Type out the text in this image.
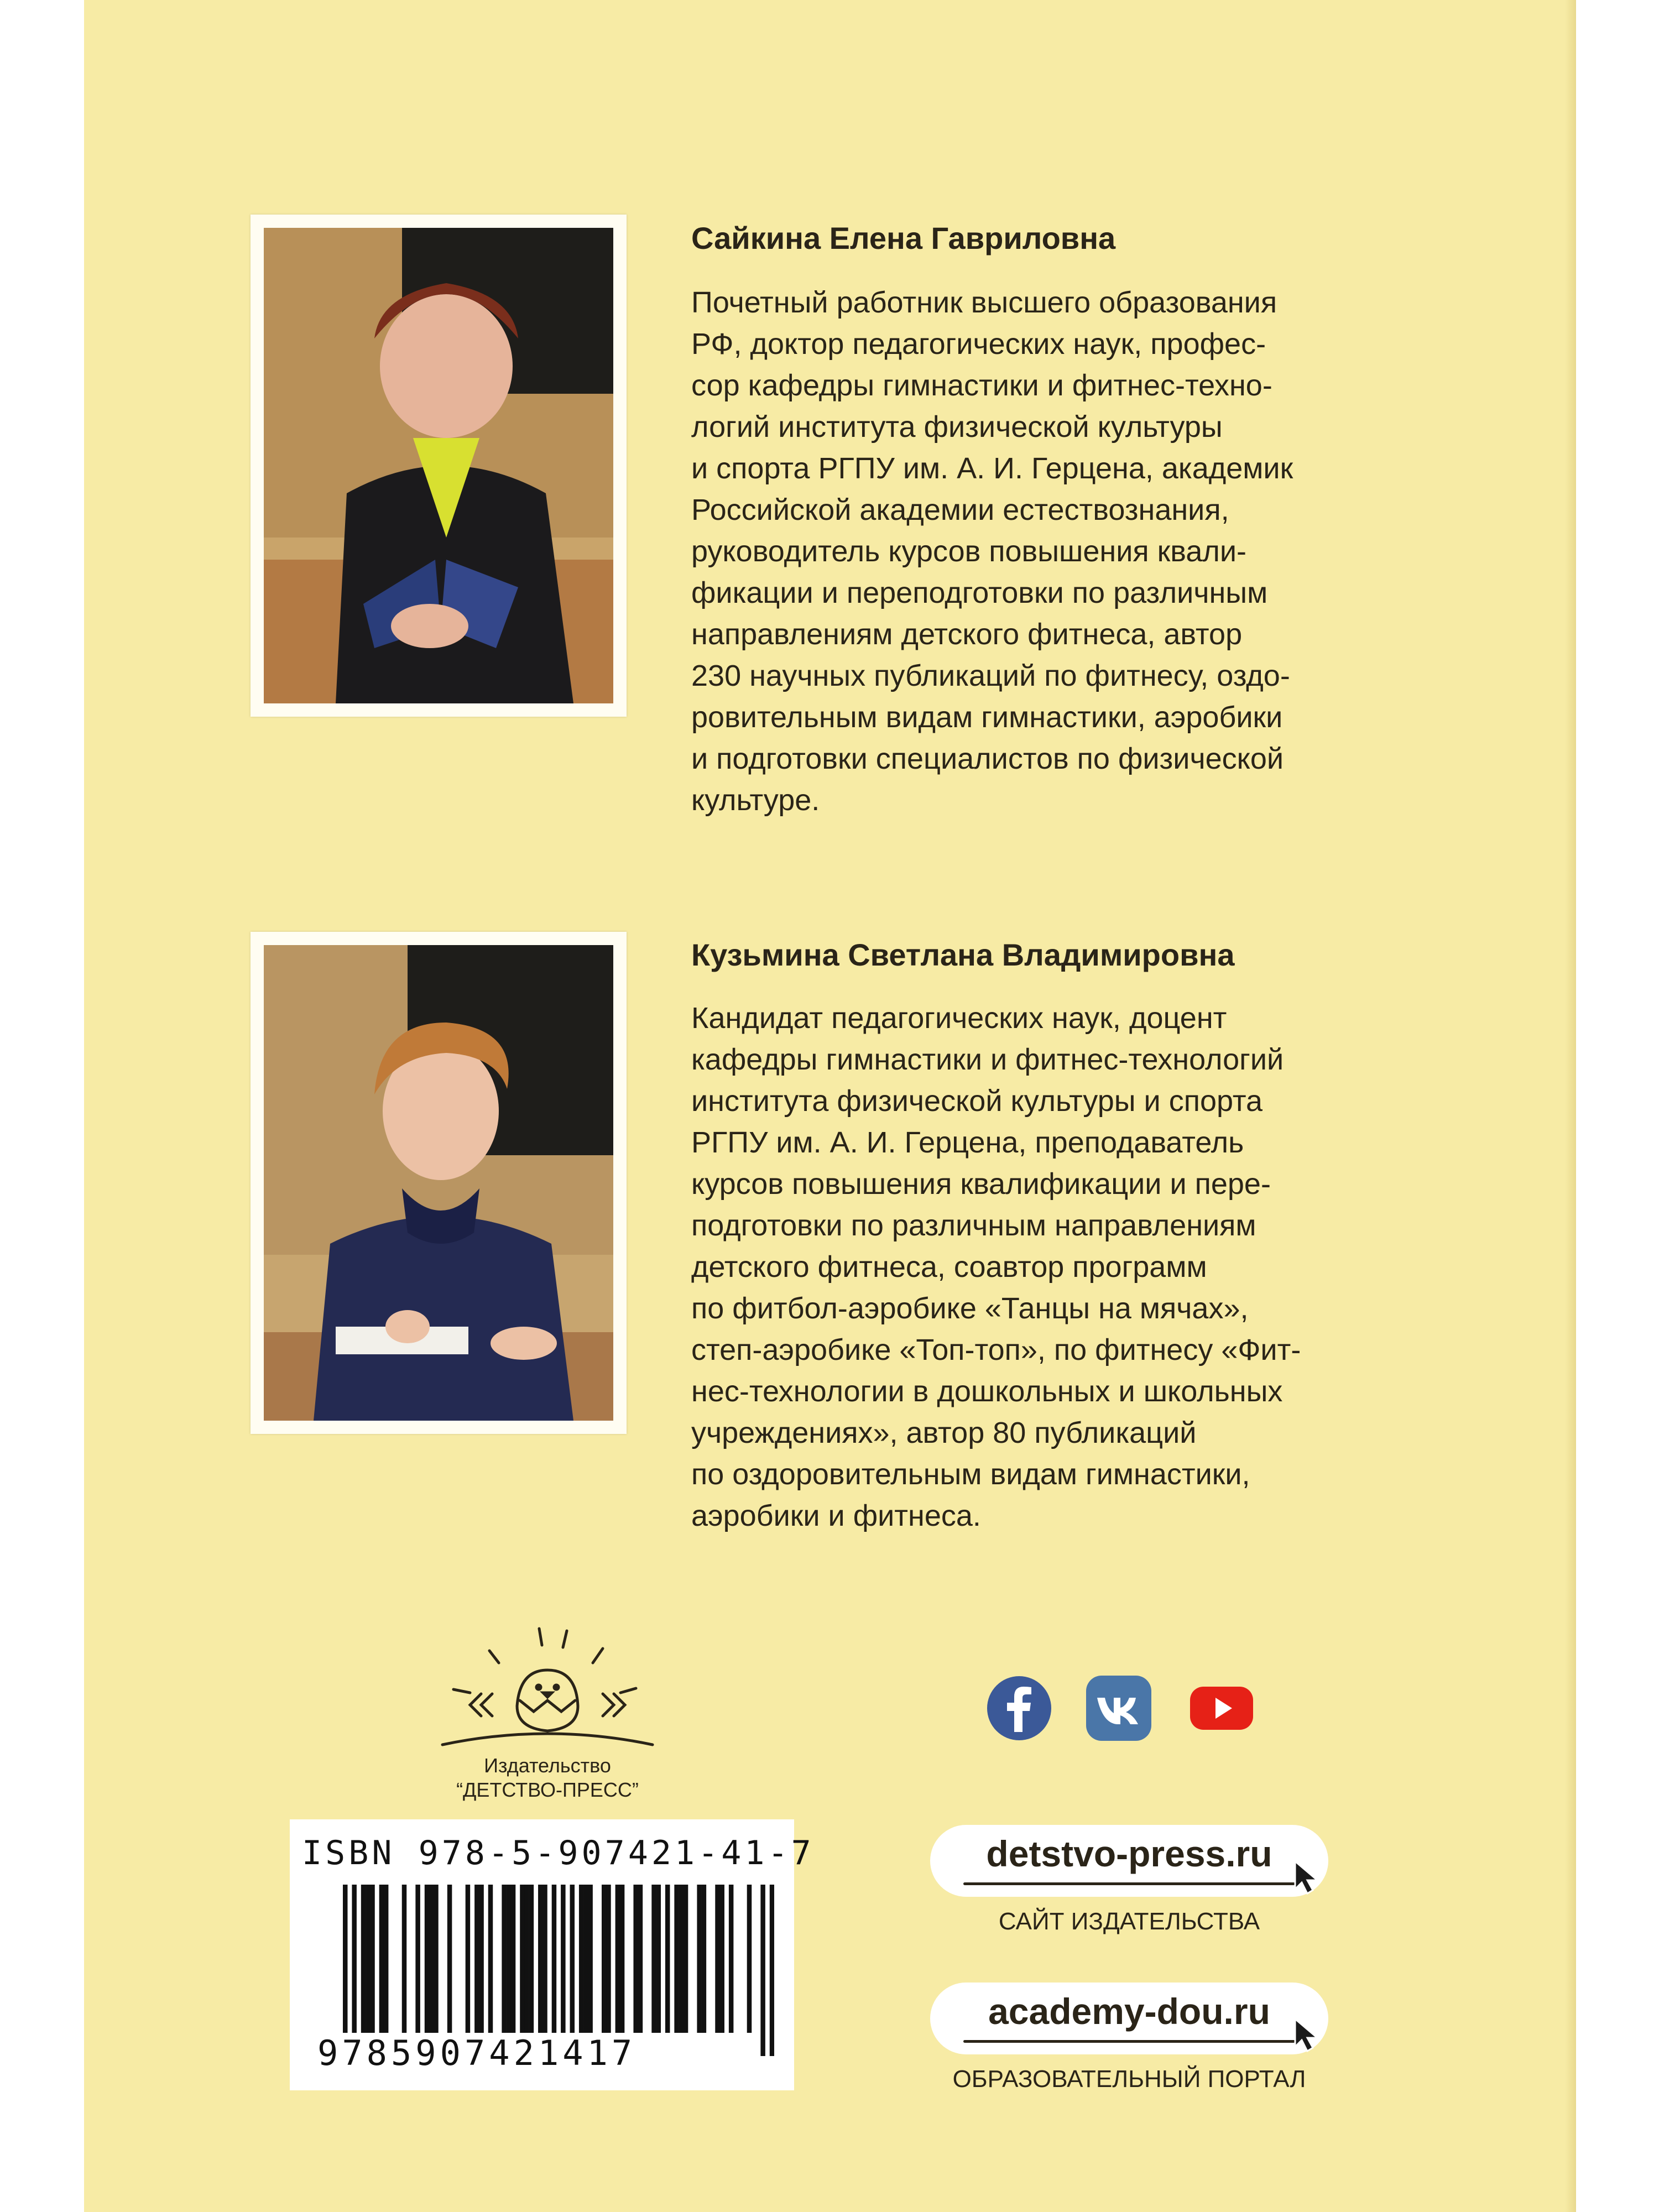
Сайкина Елена Гавриловна
Почетный работник высшего образования
РФ, доктор педагогических наук, профес-
сор кафедры гимнастики и фитнес-техно-
логий института физической культуры
и спорта РГПУ им. А. И. Герцена, академик
Российской академии естествознания,
руководитель курсов повышения квали-
фикации и переподготовки по различным
направлениям детского фитнеса, автор
230 научных публикаций по фитнесу, оздо-
ровительным видам гимнастики, аэробики
и подготовки специалистов по физической
культуре.
Кузьмина Светлана Владимировна
Кандидат педагогических наук, доцент
кафедры гимнастики и фитнес-технологий
института физической культуры и спорта
РГПУ им. А. И. Герцена, преподаватель
курсов повышения квалификации и пере-
подготовки по различным направлениям
детского фитнеса, соавтор программ
по фитбол-аэробике «Танцы на мячах»,
степ-аэробике «Топ-топ», по фитнесу «Фит-
нес-технологии в дошкольных и школьных
учреждениях», автор 80 публикаций
по оздоровительным видам гимнастики,
аэробики и фитнеса.
Издательство
“ДЕТСТВО-ПРЕСС”
ISBN 978-5-907421-41-7
9785907421417
detstvo-press.ru
САЙТ ИЗДАТЕЛЬСТВА
academy-dou.ru
ОБРАЗОВАТЕЛЬНЫЙ ПОРТАЛ
